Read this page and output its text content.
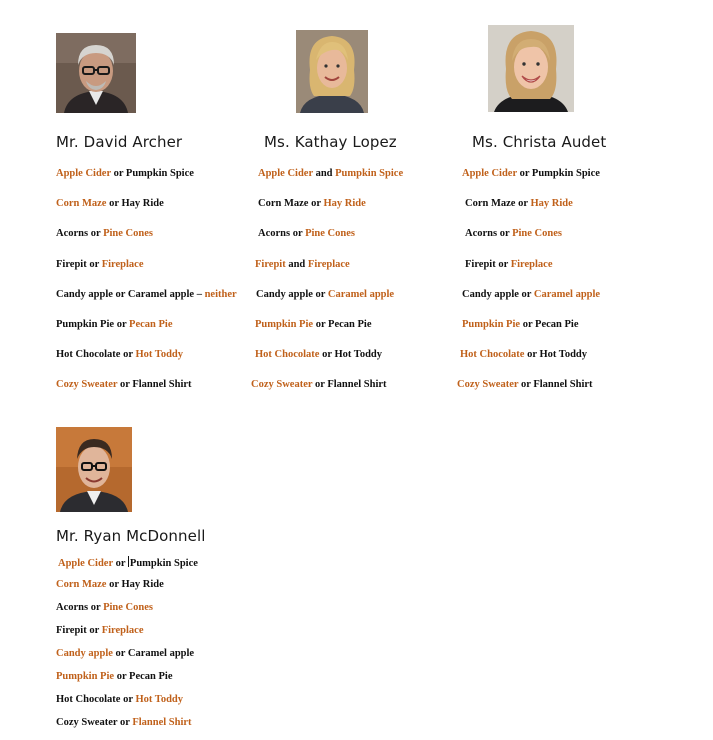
Mr. David Archer	Ms. Kathay Lopez	Ms. Christa Audet
Mr. Ryan McDonnell
Apple Cider or Pumpkin Spice
Corn Maze or Hay Ride
Acorns or Pine Cones
Firepit or Fireplace
Candy apple or Caramel apple – neither
Pumpkin Pie or Pecan Pie
Hot Chocolate or Hot Toddy
Cozy Sweater or Flannel Shirt
Apple Cider and Pumpkin Spice
Corn Maze or Hay Ride
Acorns or Pine Cones
Firepit and Fireplace
Candy apple or Caramel apple
Pumpkin Pie or Pecan Pie
Hot Chocolate or Hot Toddy
Cozy Sweater or Flannel Shirt
Apple Cider or Pumpkin Spice
Corn Maze or Hay Ride
Acorns or Pine Cones
Firepit or Fireplace
Candy apple or Caramel apple
Pumpkin Pie or Pecan Pie
Hot Chocolate or Hot Toddy
Cozy Sweater or Flannel Shirt
Apple Cider or Pumpkin Spice
Corn Maze or Hay Ride
Acorns or Pine Cones
Firepit or Fireplace
Candy apple or Caramel apple
Pumpkin Pie or Pecan Pie
Hot Chocolate or Hot Toddy
Cozy Sweater or Flannel Shirt
